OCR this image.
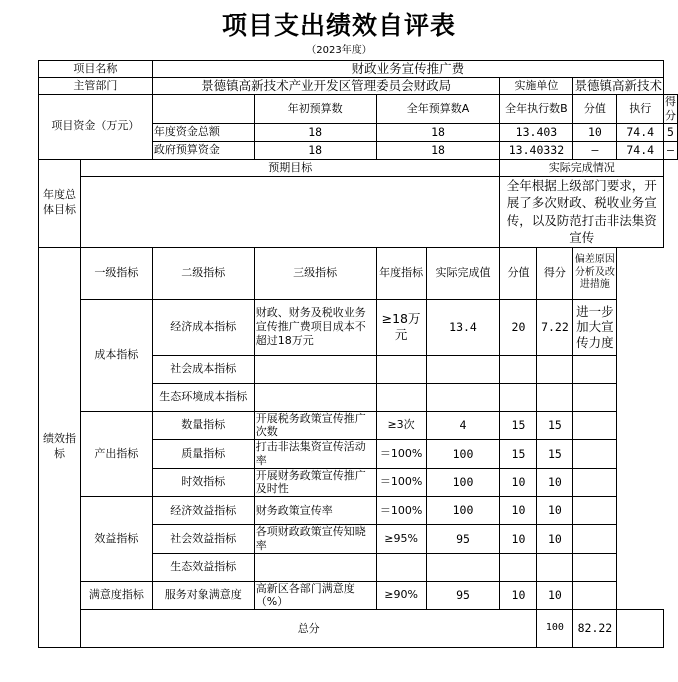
项目支出绩效自评表
（2023年度）
项目名称		财政业务宣传推广费								
主管部门		景德镇高新技术产业开发区管理委员会财政局				实施单位		景德镇高新技术		
项目资金（万元）			年初预算数	全年预算数A		全年执行数B		分值	执行	得分
		年度资金总额	18	18		13.403		10	74.4	5
		政府预算资金	18	18		13.40332		—	74.4	—
年度总体目标	预期目标					实际完成情况				
						全年根据上级部门要求，开展了多次财政、税收业务宣传，以及防范打击非法集资宣传				
绩效指标	一级指标	二级指标	三级指标	年度指标	实际完成值	分值	得分	偏差原因分析及改进措施		
	成本指标	经济成本指标	财政、财务及税收业务宣传推广费项目成本不超过18万元	≥18万元	13.4	20	7.22	进一步加大宣传力度		
		社会成本指标								
		生态环境成本指标								
	产出指标	数量指标	开展税务政策宣传推广次数	≥3次	4	15	15			
		质量指标	打击非法集资宣传活动率	＝100%	100	15	15			
		时效指标	开展财务政策宣传推广及时性	＝100%	100	10	10			
	效益指标	经济效益指标	财务政策宣传率	＝100%	100	10	10			
		社会效益指标	各项财政政策宣传知晓率	≥95%	95	10	10			
		生态效益指标								
	满意度指标	服务对象满意度	高新区各部门满意度（%）	≥90%	95	10	10			
	总分						100	82.22		
